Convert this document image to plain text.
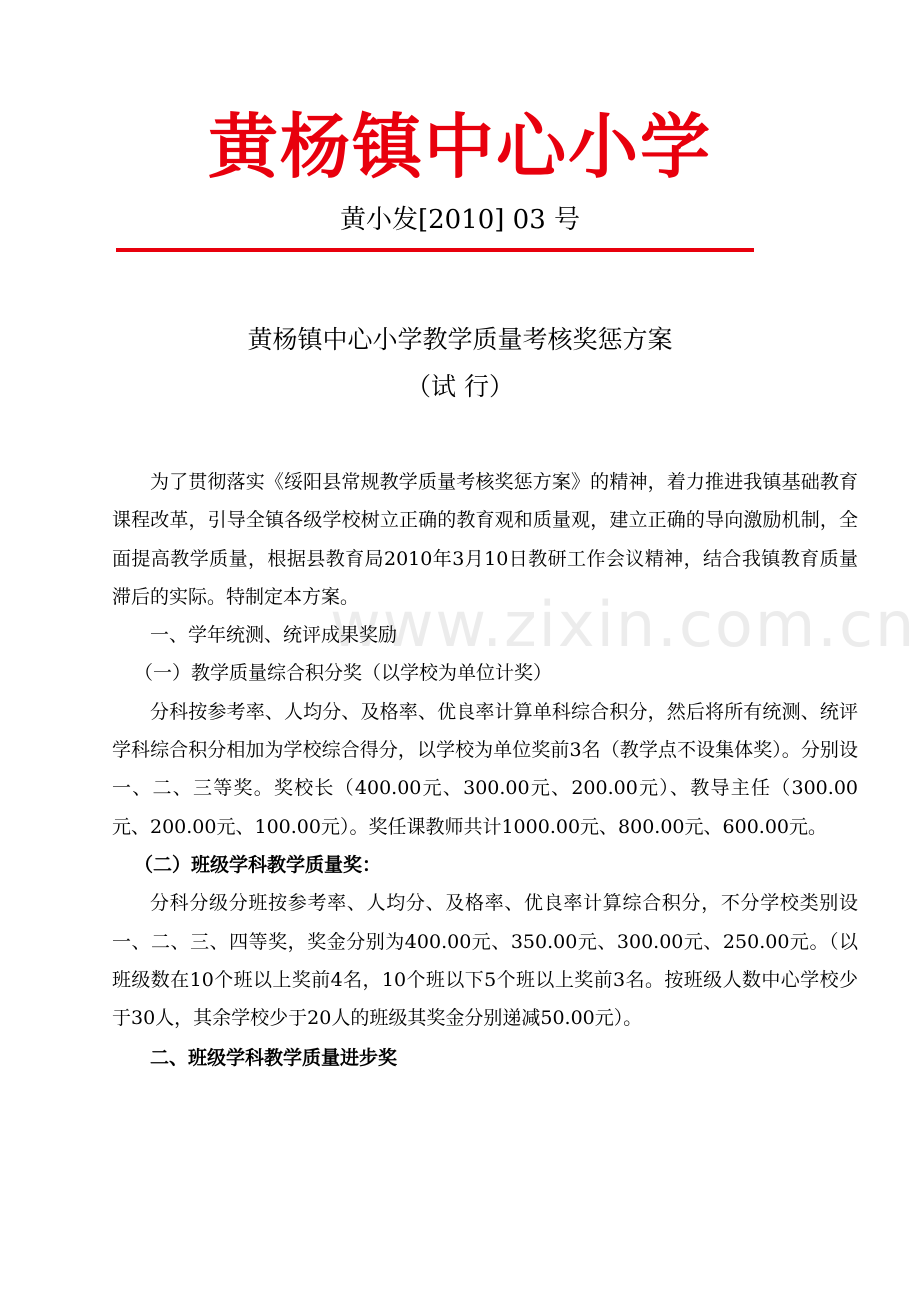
黄杨镇中心小学
黄小发[2010] 03 号
黄杨镇中心小学教学质量考核奖惩方案
（试 行）
www.zixin.com.cn

为了贯彻落实《绥阳县常规教学质量考核奖惩方案》的精神，着力推进我镇基础教育课程改革，引导全镇各级学校树立正确的教育观和质量观，建立正确的导向激励机制，全面提高教学质量，根据县教育局2010年3月10日教研工作会议精神，结合我镇教育质量滞后的实际。特制定本方案。

一、学年统测、统评成果奖励

（一）教学质量综合积分奖（以学校为单位计奖）

分科按参考率、人均分、及格率、优良率计算单科综合积分，然后将所有统测、统评学科综合积分相加为学校综合得分，以学校为单位奖前3名（教学点不设集体奖）。分别设一、二、三等奖。奖校长（400.00元、300.00元、200.00元）、教导主任（300.00元、200.00元、100.00元）。奖任课教师共计1000.00元、800.00元、600.00元。

（二）班级学科教学质量奖：

分科分级分班按参考率、人均分、及格率、优良率计算综合积分，不分学校类别设一、二、三、四等奖，奖金分别为400.00元、350.00元、300.00元、250.00元。（以班级数在10个班以上奖前4名，10个班以下5个班以上奖前3名。按班级人数中心学校少于30人，其余学校少于20人的班级其奖金分别递减50.00元）。

二、班级学科教学质量进步奖
